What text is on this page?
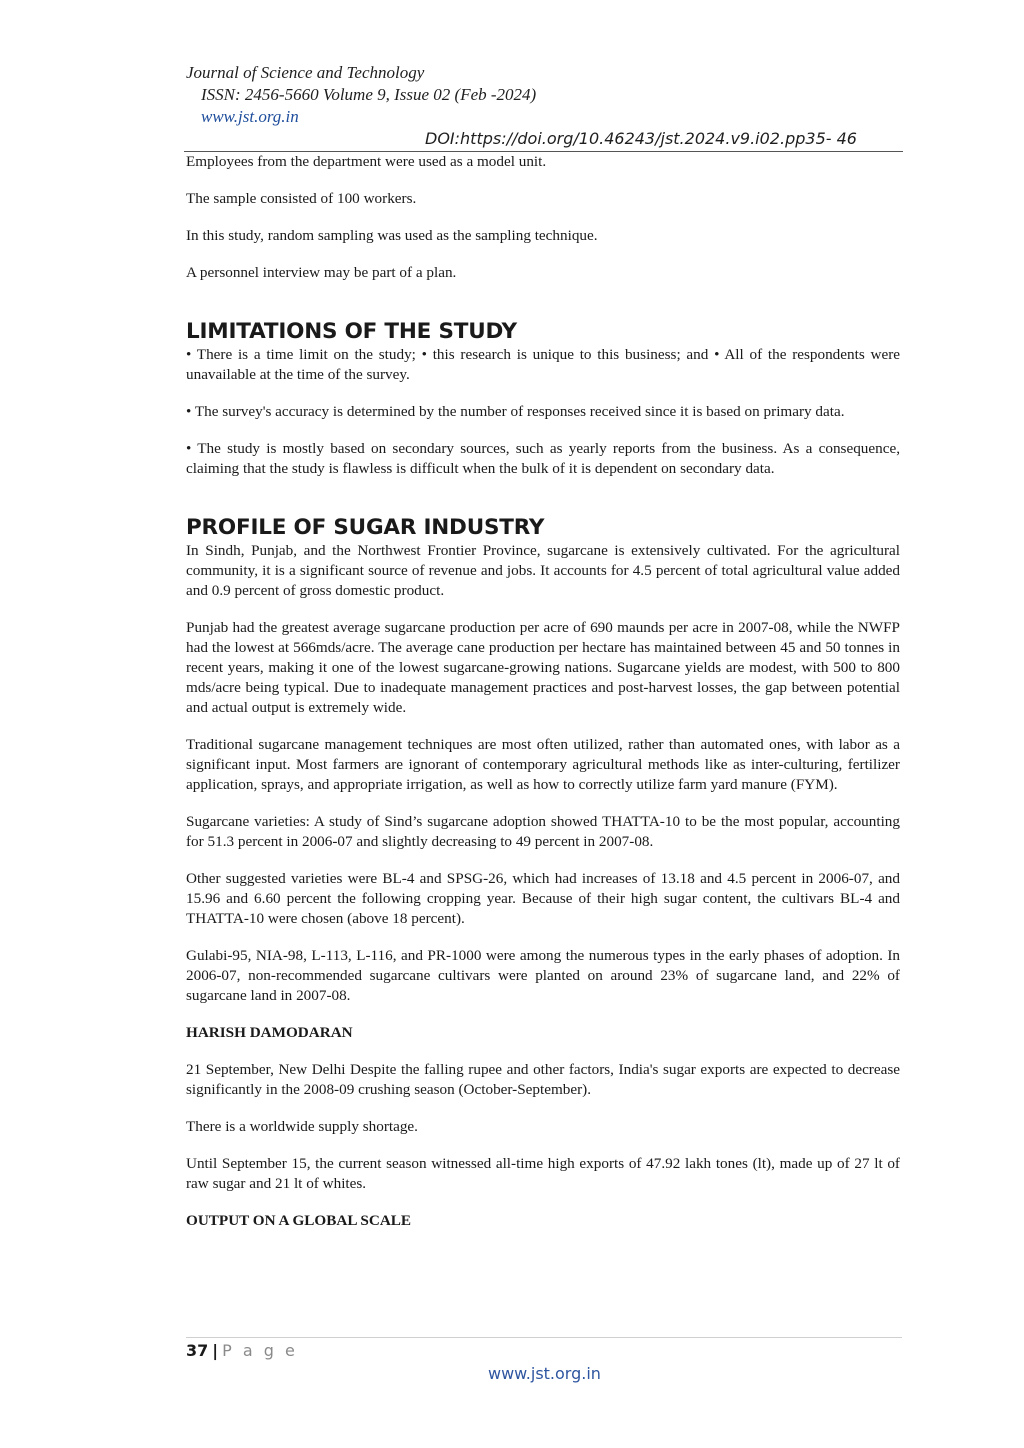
Journal of Science and Technology
ISSN: 2456-5660 Volume 9, Issue 02 (Feb -2024)
www.jst.org.in
DOI:https://doi.org/10.46243/jst.2024.v9.i02.pp35- 46

Employees from the department were used as a model unit.

The sample consisted of 100 workers.

In this study, random sampling was used as the sampling technique.

A personnel interview may be part of a plan.

LIMITATIONS OF THE STUDY

• There is a time limit on the study; • this research is unique to this business; and • All of the respondents were unavailable at the time of the survey.

• The survey's accuracy is determined by the number of responses received since it is based on primary data.

• The study is mostly based on secondary sources, such as yearly reports from the business. As a consequence, claiming that the study is flawless is difficult when the bulk of it is dependent on secondary data.

PROFILE OF SUGAR INDUSTRY

In Sindh, Punjab, and the Northwest Frontier Province, sugarcane is extensively cultivated. For the agricultural community, it is a significant source of revenue and jobs. It accounts for 4.5 percent of total agricultural value added and 0.9 percent of gross domestic product.

Punjab had the greatest average sugarcane production per acre of 690 maunds per acre in 2007-08, while the NWFP had the lowest at 566mds/acre. The average cane production per hectare has maintained between 45 and 50 tonnes in recent years, making it one of the lowest sugarcane-growing nations. Sugarcane yields are modest, with 500 to 800 mds/acre being typical. Due to inadequate management practices and post-harvest losses, the gap between potential and actual output is extremely wide.

Traditional sugarcane management techniques are most often utilized, rather than automated ones, with labor as a significant input. Most farmers are ignorant of contemporary agricultural methods like as inter-culturing, fertilizer application, sprays, and appropriate irrigation, as well as how to correctly utilize farm yard manure (FYM).

Sugarcane varieties: A study of Sind’s sugarcane adoption showed THATTA-10 to be the most popular, accounting for 51.3 percent in 2006-07 and slightly decreasing to 49 percent in 2007-08.

Other suggested varieties were BL-4 and SPSG-26, which had increases of 13.18 and 4.5 percent in 2006-07, and 15.96 and 6.60 percent the following cropping year. Because of their high sugar content, the cultivars BL-4 and THATTA-10 were chosen (above 18 percent).

Gulabi-95, NIA-98, L-113, L-116, and PR-1000 were among the numerous types in the early phases of adoption. In 2006-07, non-recommended sugarcane cultivars were planted on around 23% of sugarcane land, and 22% of sugarcane land in 2007-08.

HARISH DAMODARAN

21 September, New Delhi Despite the falling rupee and other factors, India's sugar exports are expected to decrease significantly in the 2008-09 crushing season (October-September).

There is a worldwide supply shortage.

Until September 15, the current season witnessed all-time high exports of 47.92 lakh tones (lt), made up of 27 lt of raw sugar and 21 lt of whites.

OUTPUT ON A GLOBAL SCALE

37 | P a g e
www.jst.org.in
